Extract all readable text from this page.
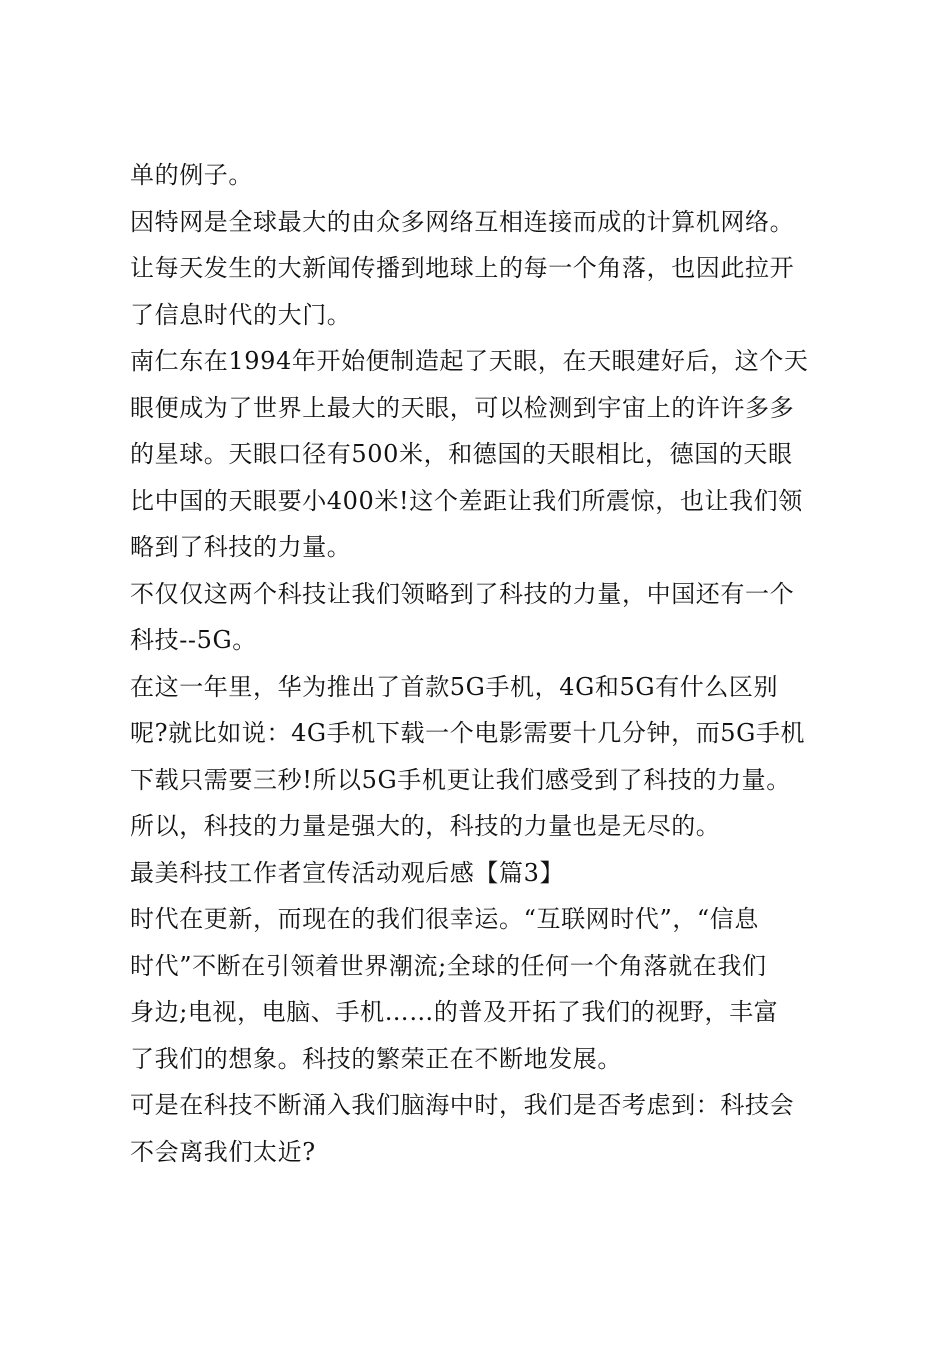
单的例子。
因特网是全球最大的由众多网络互相连接而成的计算机网络。
让每天发生的大新闻传播到地球上的每一个角落，也因此拉开
了信息时代的大门。
南仁东在1994年开始便制造起了天眼，在天眼建好后，这个天
眼便成为了世界上最大的天眼，可以检测到宇宙上的许许多多
的星球。天眼口径有500米，和德国的天眼相比，德国的天眼
比中国的天眼要小400米!这个差距让我们所震惊，也让我们领
略到了科技的力量。
不仅仅这两个科技让我们领略到了科技的力量，中国还有一个
科技--5G。
在这一年里，华为推出了首款5G手机，4G和5G有什么区别
呢?就比如说：4G手机下载一个电影需要十几分钟，而5G手机
下载只需要三秒!所以5G手机更让我们感受到了科技的力量。
所以，科技的力量是强大的，科技的力量也是无尽的。
最美科技工作者宣传活动观后感【篇3】
时代在更新，而现在的我们很幸运。“互联网时代”，“信息
时代”不断在引领着世界潮流;全球的任何一个角落就在我们
身边;电视，电脑、手机……的普及开拓了我们的视野，丰富
了我们的想象。科技的繁荣正在不断地发展。
可是在科技不断涌入我们脑海中时，我们是否考虑到：科技会
不会离我们太近?
